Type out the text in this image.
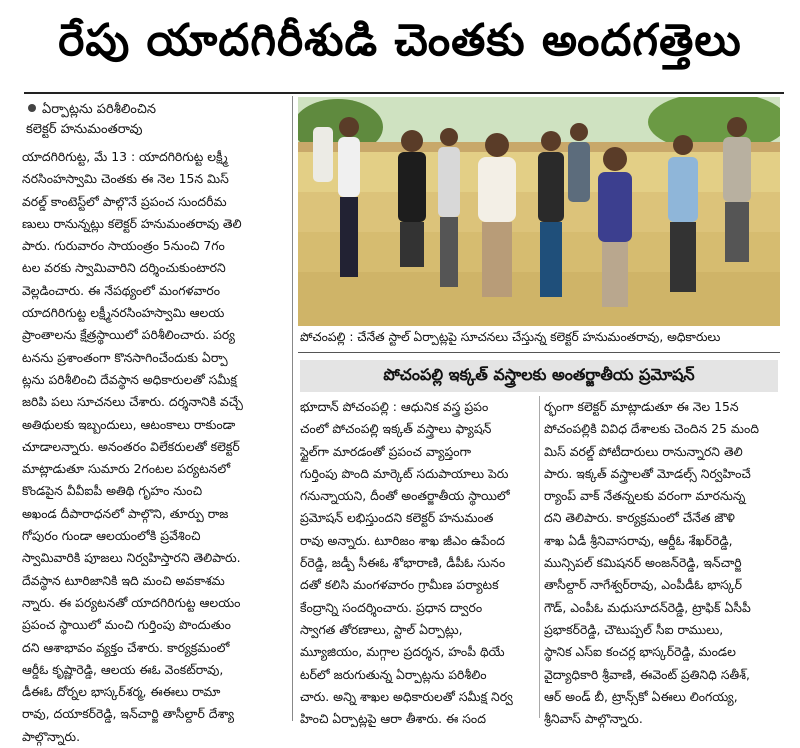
రేపు యాదగిరీశుడి చెంతకు అందగత్తెలు
ఏర్పాట్లను పరిశీలించిన
కలెక్టర్ హనుమంతరావు
యాదగిరిగుట్ట, మే 13 : యాదగిరిగుట్ట లక్ష్మీ
నరసింహస్వామి చెంతకు ఈ నెల 15న మిస్
వరల్డ్ కాంటెస్ట్‌లో పాల్గొనే ప్రపంచ సుందరీమ
ణులు రానున్నట్లు కలెక్టర్ హనుమంతరావు తెలి
పారు. గురువారం సాయంత్రం 5నుంచి 7గం
టల వరకు స్వామివారిని దర్శించుకుంటారని
వెల్లడించారు. ఈ నేపథ్యంలో మంగళవారం
యాదగిరిగుట్ట లక్ష్మీనరసింహస్వామి ఆలయ
ప్రాంతాలను క్షేత్రస్థాయిలో పరిశీలించారు. పర్య
టనను ప్రశాంతంగా కొనసాగించేందుకు ఏర్పా
ట్లను పరిశీలించి దేవస్థాన అధికారులతో సమీక్ష
జరిపి పలు సూచనలు చేశారు. దర్శనానికి వచ్చే
అతిథులకు ఇబ్బందులు, ఆటంకాలు రాకుండా
చూడాలన్నారు. అనంతరం విలేకరులతో కలెక్టర్
మాట్లాడుతూ సుమారు 2గంటల పర్యటనలో
కొండపైన వీవీఐపీ అతిథి గృహం నుంచి
అఖండ దీపారాధనలో పాల్గొని, తూర్పు రాజ
గోపురం గుండా ఆలయంలోకి ప్రవేశించి
స్వామివారికి పూజలు నిర్వహిస్తారని తెలిపారు.
దేవస్థాన టూరిజానికి ఇది మంచి అవకాశమ
న్నారు. ఈ పర్యటనతో యాదగిరిగుట్ట ఆలయం
ప్రపంచ స్థాయిలో మంచి గుర్తింపు పొందుతుం
దని ఆశాభావం వ్యక్తం చేశారు. కార్యక్రమంలో
ఆర్డీఓ కృష్ణారెడ్డి, ఆలయ ఈఓ వెంకట్‌రావు,
డీఈఓ దోర్నల భాస్కర్‌శర్మ, ఈఈలు రామా
రావు, దయాకర్‌రెడ్డి, ఇన్‌చార్జి తాసీల్దార్ దేశ్యా
పాల్గొన్నారు.
పోచంపల్లి : చేనేత స్టాల్ ఏర్పాట్లపై సూచనలు చేస్తున్న కలెక్టర్ హనుమంతరావు, అధికారులు
పోచంపల్లి ఇక్కత్ వస్త్రాలకు అంతర్జాతీయ ప్రమోషన్
భూదాన్ పోచంపల్లి : ఆధునిక వస్త్ర ప్రపం
చంలో పోచంపల్లి ఇక్కత్ వస్త్రాలు ఫ్యాషన్
స్టైల్‌గా మారడంతో ప్రపంచ వ్యాప్తంగా
గుర్తింపు పొంది మార్కెట్ సదుపాయాలు పెరు
గనున్నాయని, దీంతో అంతర్జాతీయ స్థాయిలో
ప్రమోషన్ లభిస్తుందని కలెక్టర్ హనుమంత
రావు అన్నారు. టూరిజం శాఖ జీఎం ఉపేంద
ర్‌రెడ్డి, జడ్పీ సీఈఓ శోభారాణి, డీపీఓ సునం
దతో కలిసి మంగళవారం గ్రామీణ పర్యాటక
కేంద్రాన్ని సందర్శించారు. ప్రధాన ద్వారం
స్వాగత తోరణాలు, స్టాల్ ఏర్పాట్లు,
మ్యూజియం, మగ్గాల ప్రదర్శన, హంపీ థియే
టర్‌లో జరుగుతున్న ఏర్పాట్లను పరిశీలిం
చారు. అన్ని శాఖల అధికారులతో సమీక్ష నిర్వ
హించి ఏర్పాట్లపై ఆరా తీశారు. ఈ సంద
ర్భంగా కలెక్టర్ మాట్లాడుతూ ఈ నెల 15న
పోచంపల్లికి వివిధ దేశాలకు చెందిన 25 మంది
మిస్ వరల్డ్ పోటీదారులు రానున్నారని తెలి
పారు. ఇక్కత్ వస్త్రాలతో మోడల్స్ నిర్వహించే
ర్యాంప్ వాక్ నేతన్నలకు వరంగా మారనున్న
దని తెలిపారు. కార్యక్రమంలో చేనేత జౌళి
శాఖ ఏడీ శ్రీనివాసరావు, ఆర్డీఓ శేఖర్‌రెడ్డి,
మున్సిపల్ కమిషనర్ అంజన్‌రెడ్డి, ఇన్‌చార్జి
తాసీల్దార్ నాగేశ్వర్‌రావు, ఎంపీడీఓ భాస్కర్
గౌడ్, ఎంపీఓ మధుసూదన్‌రెడ్డి, ట్రాఫిక్ ఏసీపీ
ప్రభాకర్‌రెడ్డి, చౌటుప్పల్ సీఐ రాములు,
స్థానిక ఎస్ఐ కంచర్ల భాస్కర్‌రెడ్డి, మండల
వైద్యాధికారి శ్రీవాణి, ఈవెంట్ ప్రతినిధి సతీశ్,
ఆర్ అండ్ బీ, ట్రాన్స్‌కో ఏఈలు లింగయ్య,
శ్రీనివాస్ పాల్గొన్నారు.
